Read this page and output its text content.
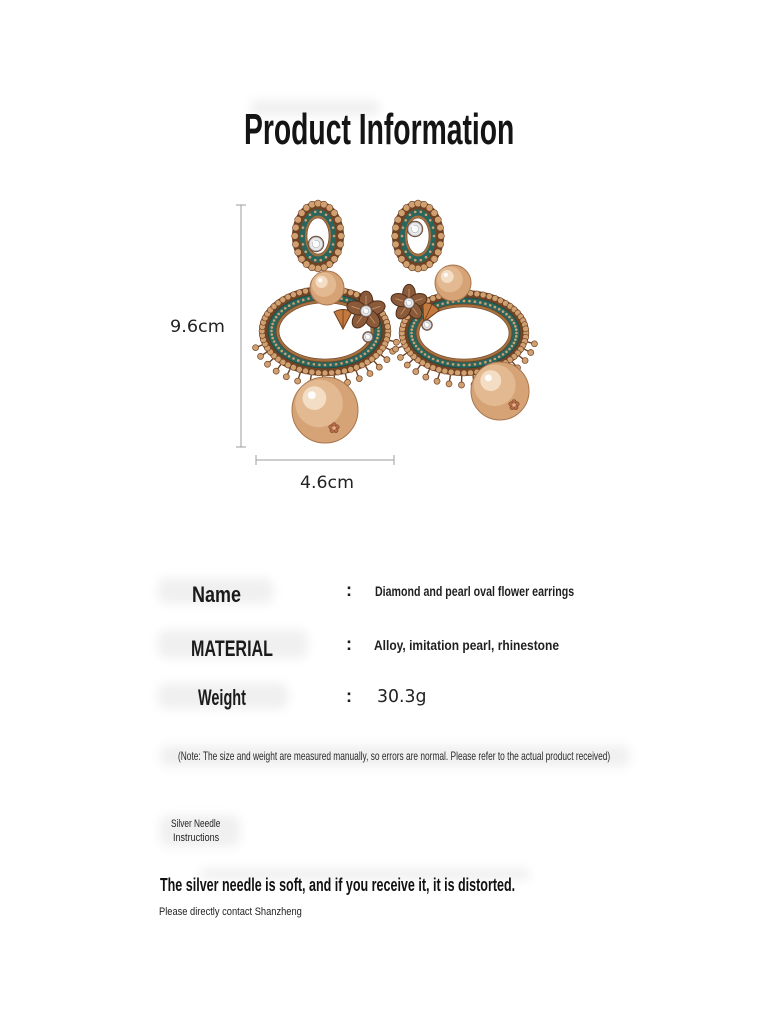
Product Information
9.6cm
4.6cm
Name	: Diamond and pearl oval flower earrings
MATERIAL	: Alloy, imitation pearl, rhinestone
Weight	: 30.3g
(Note: The size and weight are measured manually, so errors are normal. Please refer to the actual product received)
Silver Needle
Instructions
The silver needle is soft, and if you receive it, it is distorted.
Please directly contact Shanzheng
